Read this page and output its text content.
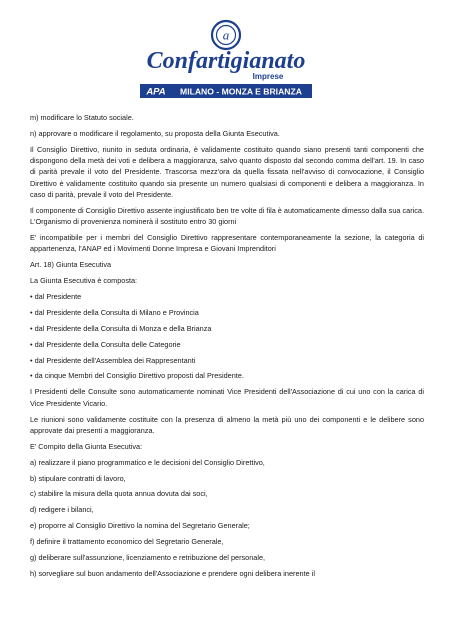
a
Confartigianato
Imprese
APA MILANO - MONZA E BRIANZA

m) modificare lo Statuto sociale.

n) approvare o modificare il regolamento, su proposta della Giunta Esecutiva.

Il Consiglio Direttivo, riunito in seduta ordinaria, è validamente costituito quando siano presenti tanti componenti che dispongono della metà dei voti e delibera a maggioranza, salvo quanto disposto dal secondo comma dell'art. 19. In caso di parità prevale il voto del Presidente. Trascorsa mezz'ora da quella fissata nell'avviso di convocazione, il Consiglio Direttivo è validamente costituito quando sia presente un numero qualsiasi di componenti e delibera a maggioranza. In caso di parità, prevale il voto del Presidente.

Il componente di Consiglio Direttivo assente ingiustificato ben tre volte di fila è automaticamente dimesso dalla sua carica. L'Organismo di provenienza nominerà il sostituto entro 30 giorni

E' incompatibile per i membri del Consiglio Direttivo rappresentare contemporaneamente la sezione, la categoria di appartenenza, l'ANAP ed i Movimenti Donne Impresa e Giovani Imprenditori

Art. 18) Giunta Esecutiva

La Giunta Esecutiva è composta:

• dal Presidente

• dal Presidente della Consulta di Milano e Provincia

• dal Presidente della Consulta di Monza e della Brianza

• dal Presidente della Consulta delle Categorie

• dal Presidente dell'Assemblea dei Rappresentanti

• da cinque Membri del Consiglio Direttivo proposti dal Presidente.

I Presidenti delle Consulte sono automaticamente nominati Vice Presidenti dell'Associazione di cui uno con la carica di Vice Presidente Vicario.

Le riunioni sono validamente costituite con la presenza di almeno la metà più uno dei componenti e le delibere sono approvate dai presenti a maggioranza.

E' Compito della Giunta Esecutiva:

a) realizzare il piano programmatico e le decisioni del Consiglio Direttivo,

b) stipulare contratti di lavoro,

c) stabilire la misura della quota annua dovuta dai soci,

d) redigere i bilanci,

e) proporre al Consiglio Direttivo la nomina del Segretario Generale;

f) definire il trattamento economico del Segretario Generale,

g) deliberare sull'assunzione, licenziamento e retribuzione del personale,

h) sorvegliare sul buon andamento dell'Associazione e prendere ogni delibera inerente il
